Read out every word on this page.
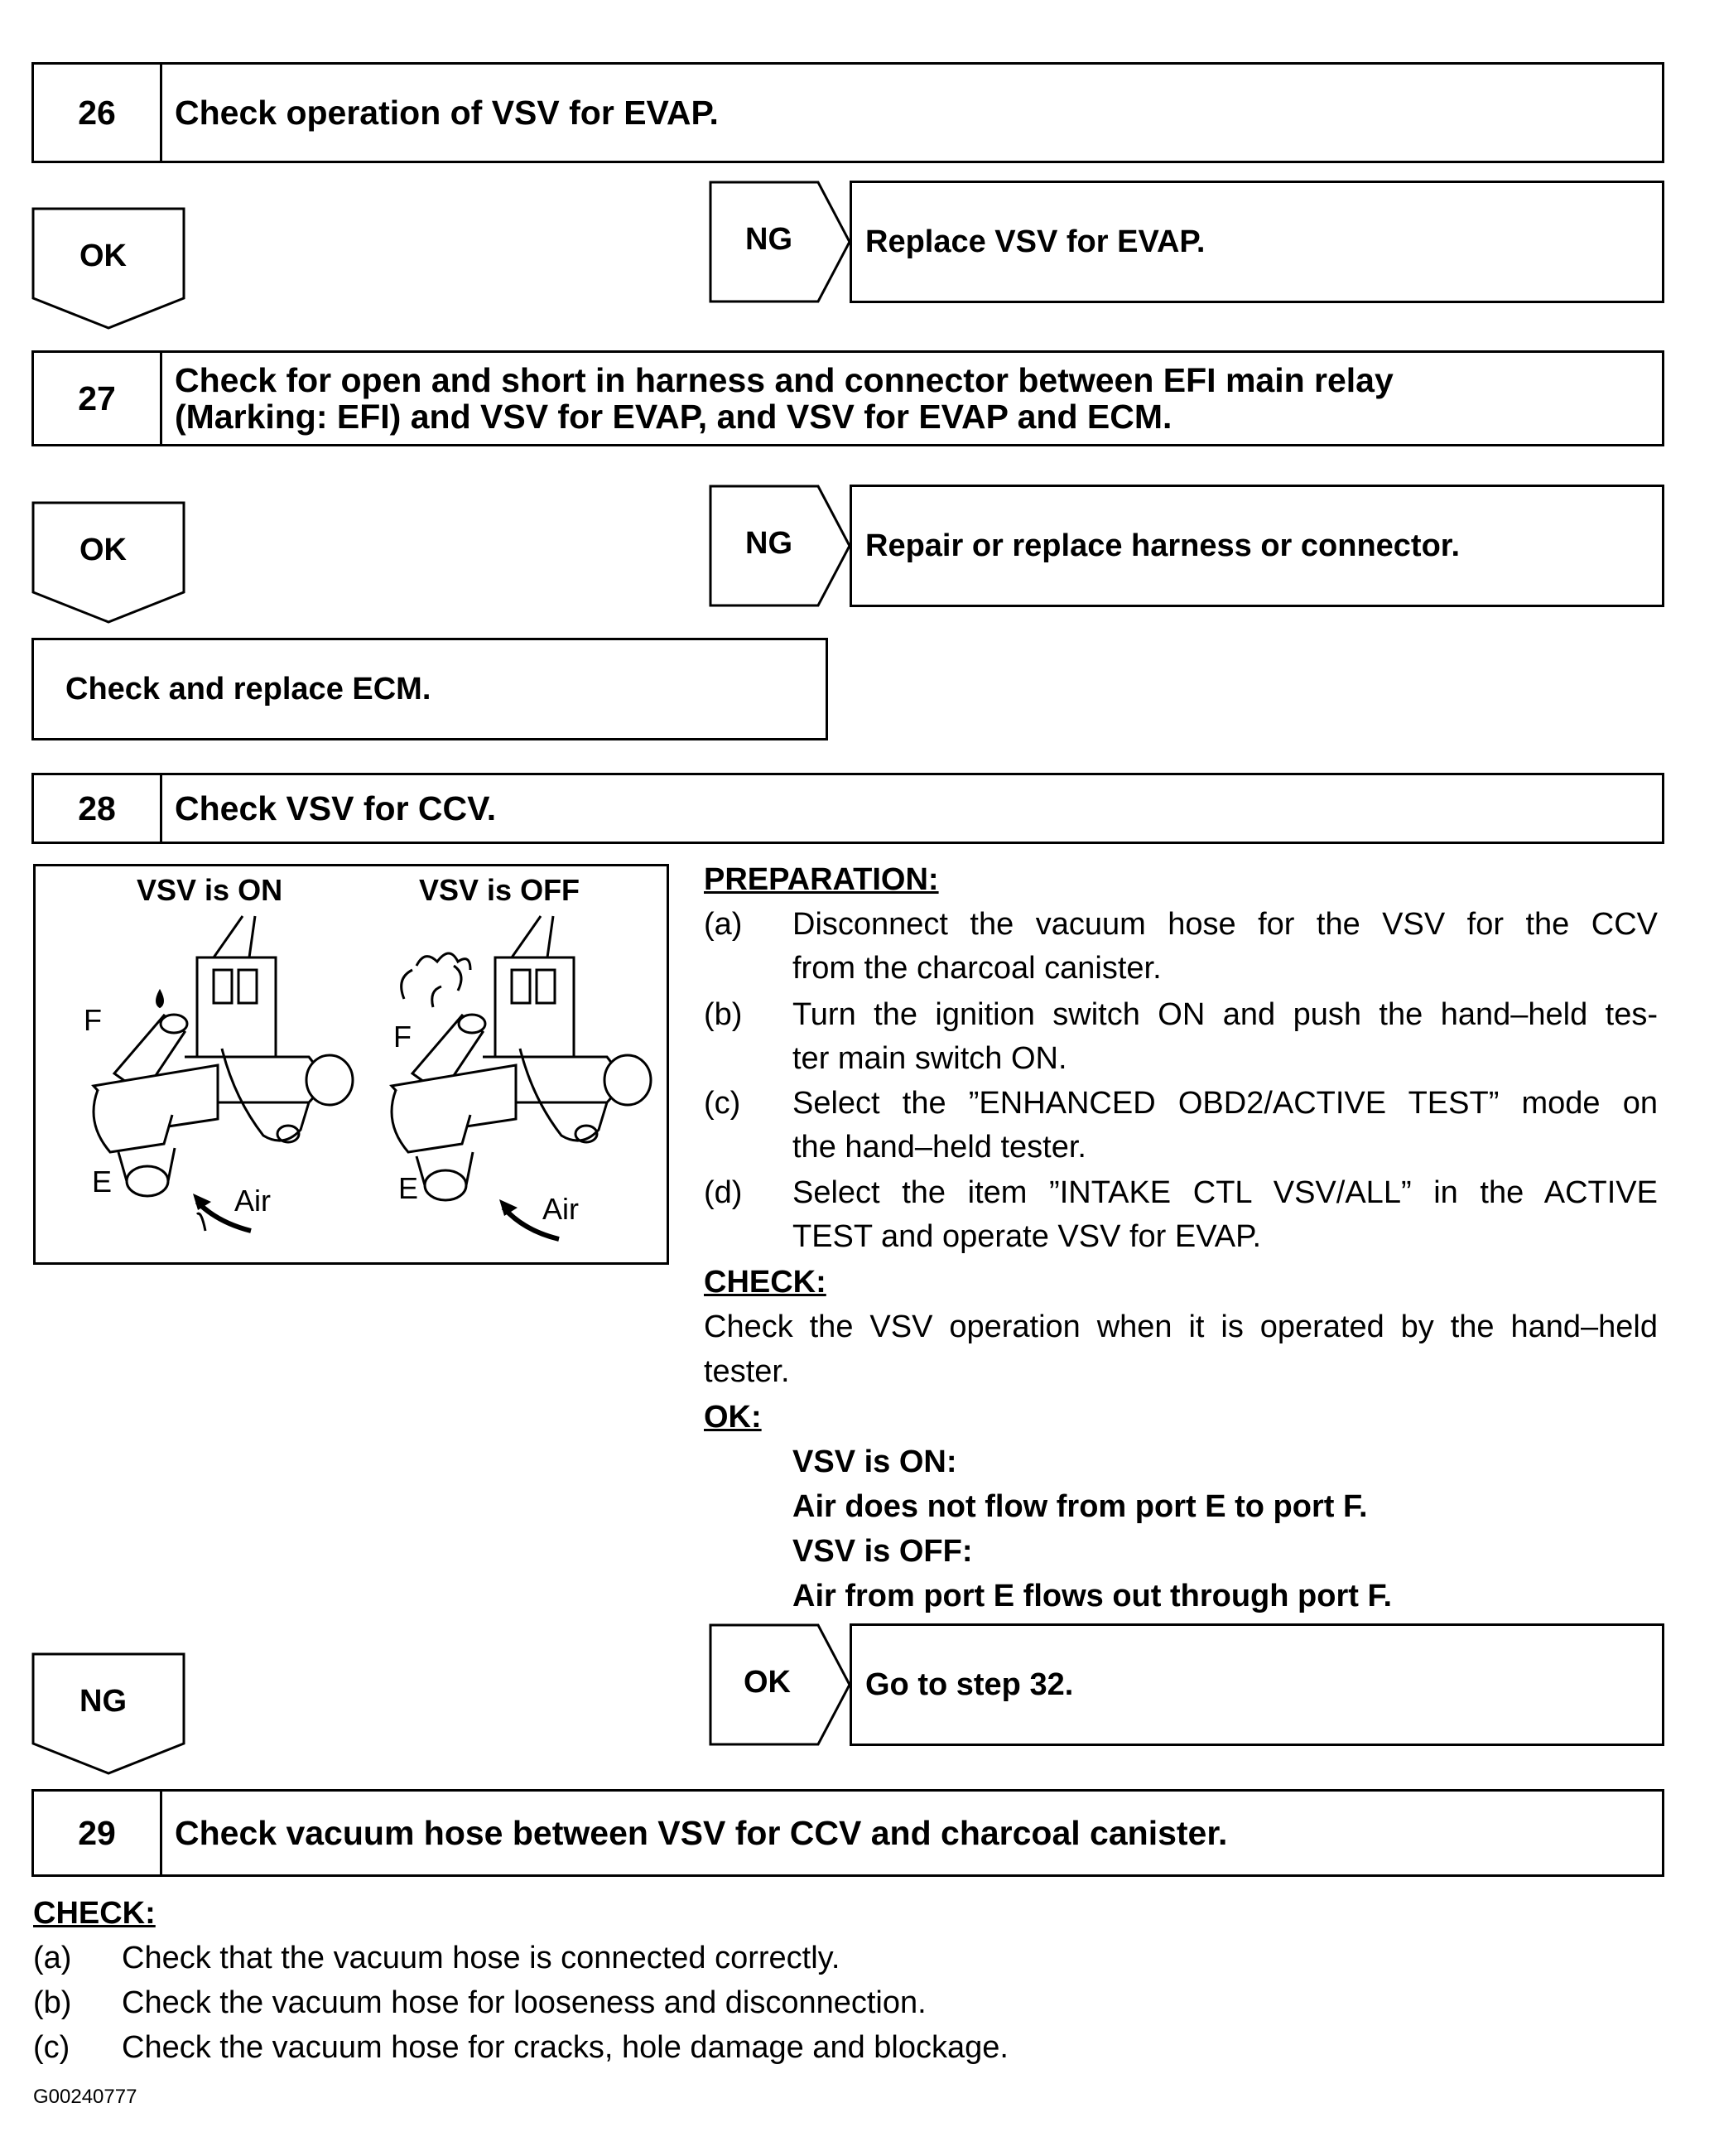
26	Check operation of VSV for EVAP.
OK	NG	Replace VSV for EVAP.
27	Check for open and short in harness and connector between EFI main relay
(Marking: EFI) and VSV for EVAP, and VSV for EVAP and ECM.
OK	NG	Repair or replace harness or connector.
Check and replace ECM.
28	Check VSV for CCV.
VSV is ON	VSV is OFF
F	F
E	E
Air	Air
PREPARATION:
(a) Disconnect the vacuum hose for the VSV for the CCV
from the charcoal canister.
(b) Turn the ignition switch ON and push the hand–held tes-
ter main switch ON.
(c) Select the ”ENHANCED OBD2/ACTIVE TEST” mode on
the hand–held tester.
(d) Select the item ”INTAKE CTL VSV/ALL” in the ACTIVE
TEST and operate VSV for EVAP.
CHECK:
Check the VSV operation when it is operated by the hand–held
tester.
OK:
VSV is ON:
Air does not flow from port E to port F.
VSV is OFF:
Air from port E flows out through port F.
NG
OK	Go to step 32.
29	Check vacuum hose between VSV for CCV and charcoal canister.
CHECK:
(a) Check that the vacuum hose is connected correctly.
(b) Check the vacuum hose for looseness and disconnection.
(c) Check the vacuum hose for cracks, hole damage and blockage.
G00240777
